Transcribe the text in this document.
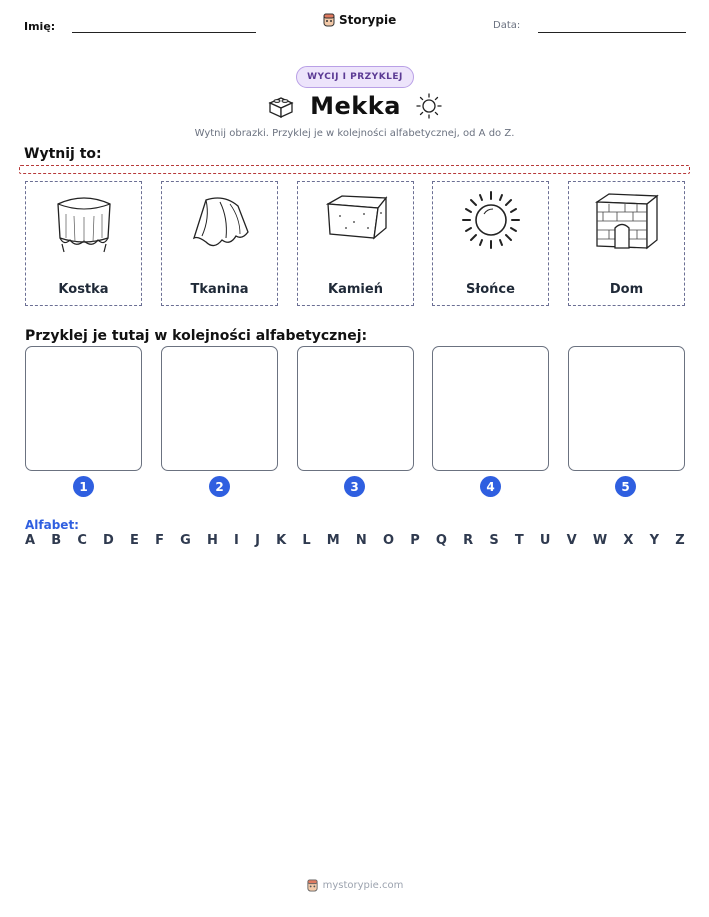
Imię:	Storypie	Data:
WYCIJ I PRZYKLEJ
Mekka
Wytnij obrazki. Przyklej je w kolejności alfabetycznej, od A do Z.
Wytnij to:
Kostka	Tkanina	Kamień	Słońce	Dom
Przyklej je tutaj w kolejności alfabetycznej:
1	2	3	4	5
Alfabet:
A B C D E F G H I J K L M N O P Q R S T U V W X Y Z
mystorypie.com
